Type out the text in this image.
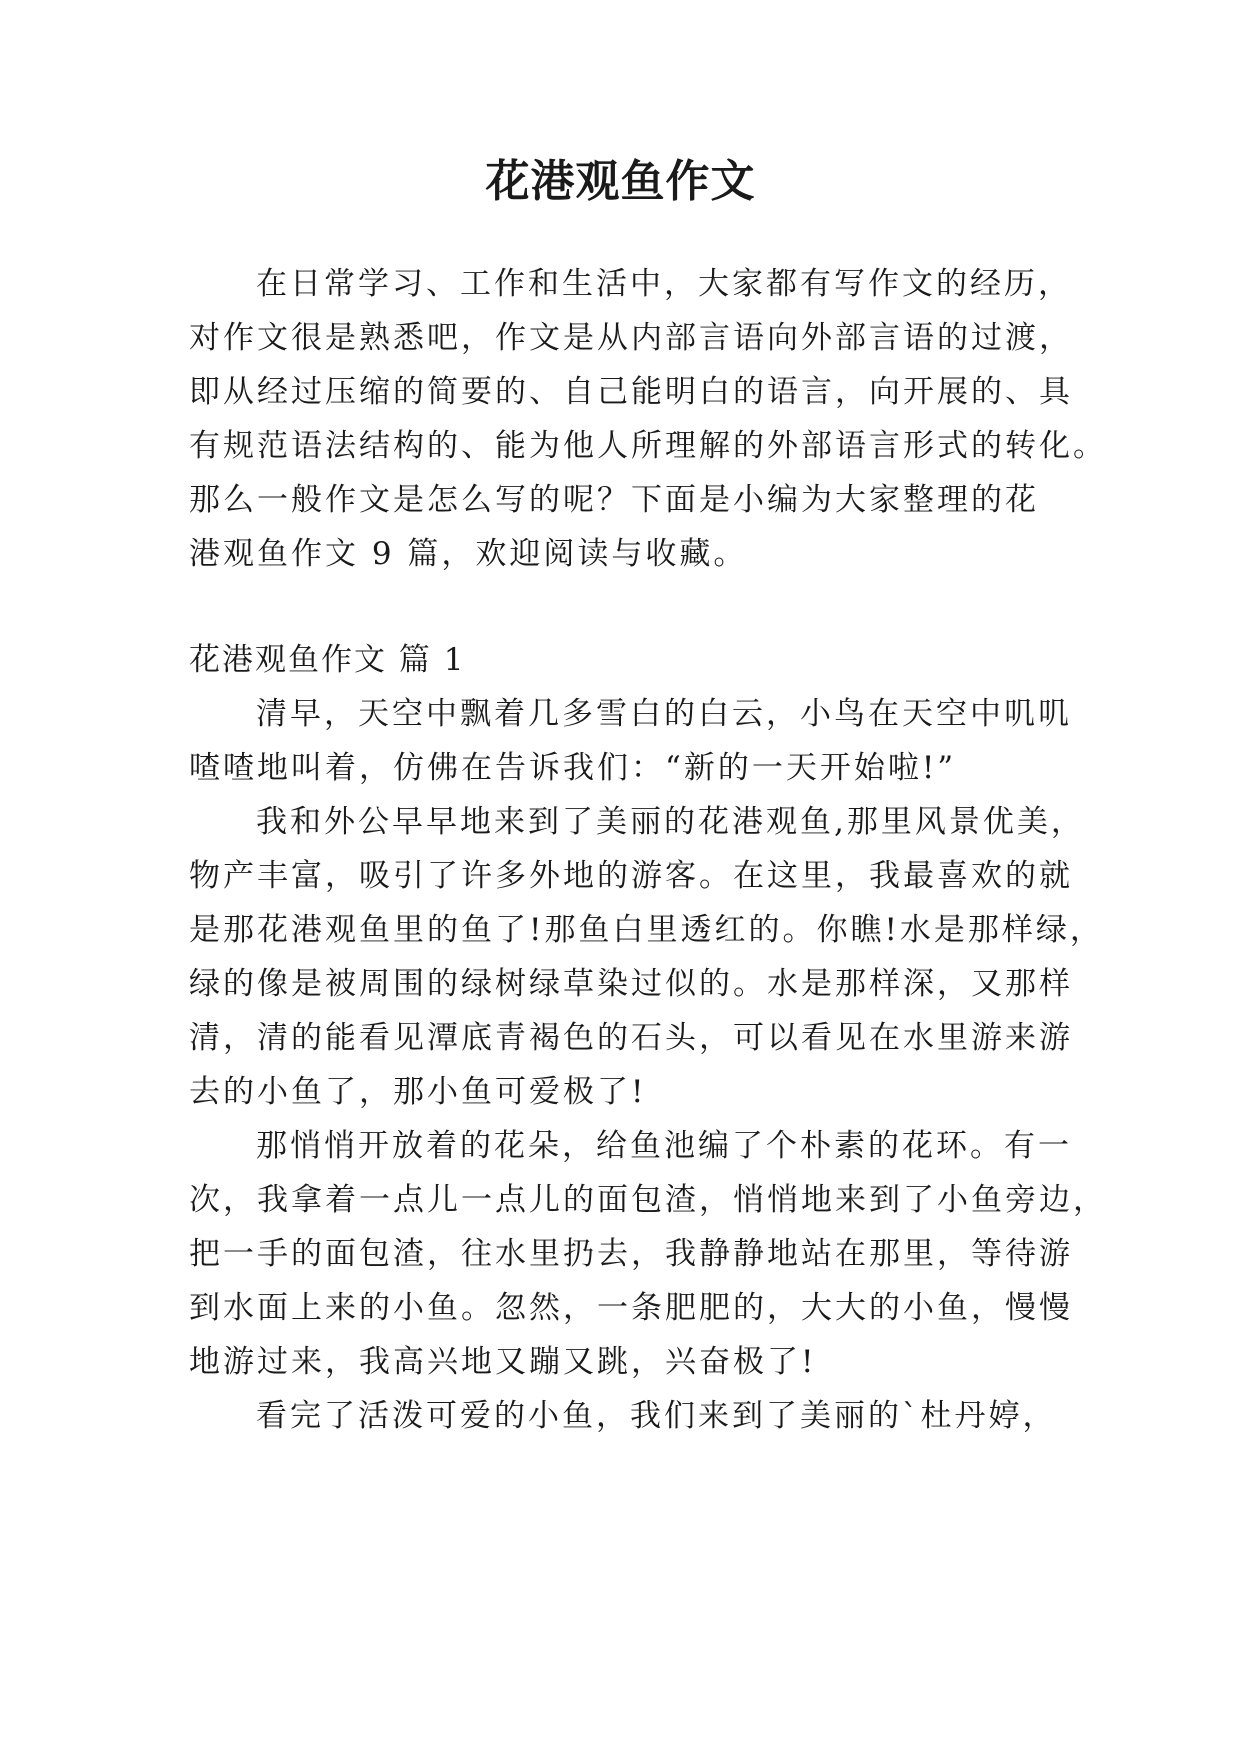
花港观鱼作文
在日常学习、工作和生活中，大家都有写作文的经历，
对作文很是熟悉吧，作文是从内部言语向外部言语的过渡，
即从经过压缩的简要的、自己能明白的语言，向开展的、具
有规范语法结构的、能为他人所理解的外部语言形式的转化。
那么一般作文是怎么写的呢？下面是小编为大家整理的花
港观鱼作文 9 篇，欢迎阅读与收藏。
花港观鱼作文 篇 1
清早，天空中飘着几多雪白的白云，小鸟在天空中叽叽
喳喳地叫着，仿佛在告诉我们：“新的一天开始啦!”
我和外公早早地来到了美丽的花港观鱼,那里风景优美，
物产丰富，吸引了许多外地的游客。在这里，我最喜欢的就
是那花港观鱼里的鱼了!那鱼白里透红的。你瞧!水是那样绿，
绿的像是被周围的绿树绿草染过似的。水是那样深，又那样
清，清的能看见潭底青褐色的石头，可以看见在水里游来游
去的小鱼了，那小鱼可爱极了!
那悄悄开放着的花朵，给鱼池编了个朴素的花环。有一
次，我拿着一点儿一点儿的面包渣，悄悄地来到了小鱼旁边，
把一手的面包渣，往水里扔去，我静静地站在那里，等待游
到水面上来的小鱼。忽然，一条肥肥的，大大的小鱼，慢慢
地游过来，我高兴地又蹦又跳，兴奋极了!
看完了活泼可爱的小鱼，我们来到了美丽的`杜丹婷，
